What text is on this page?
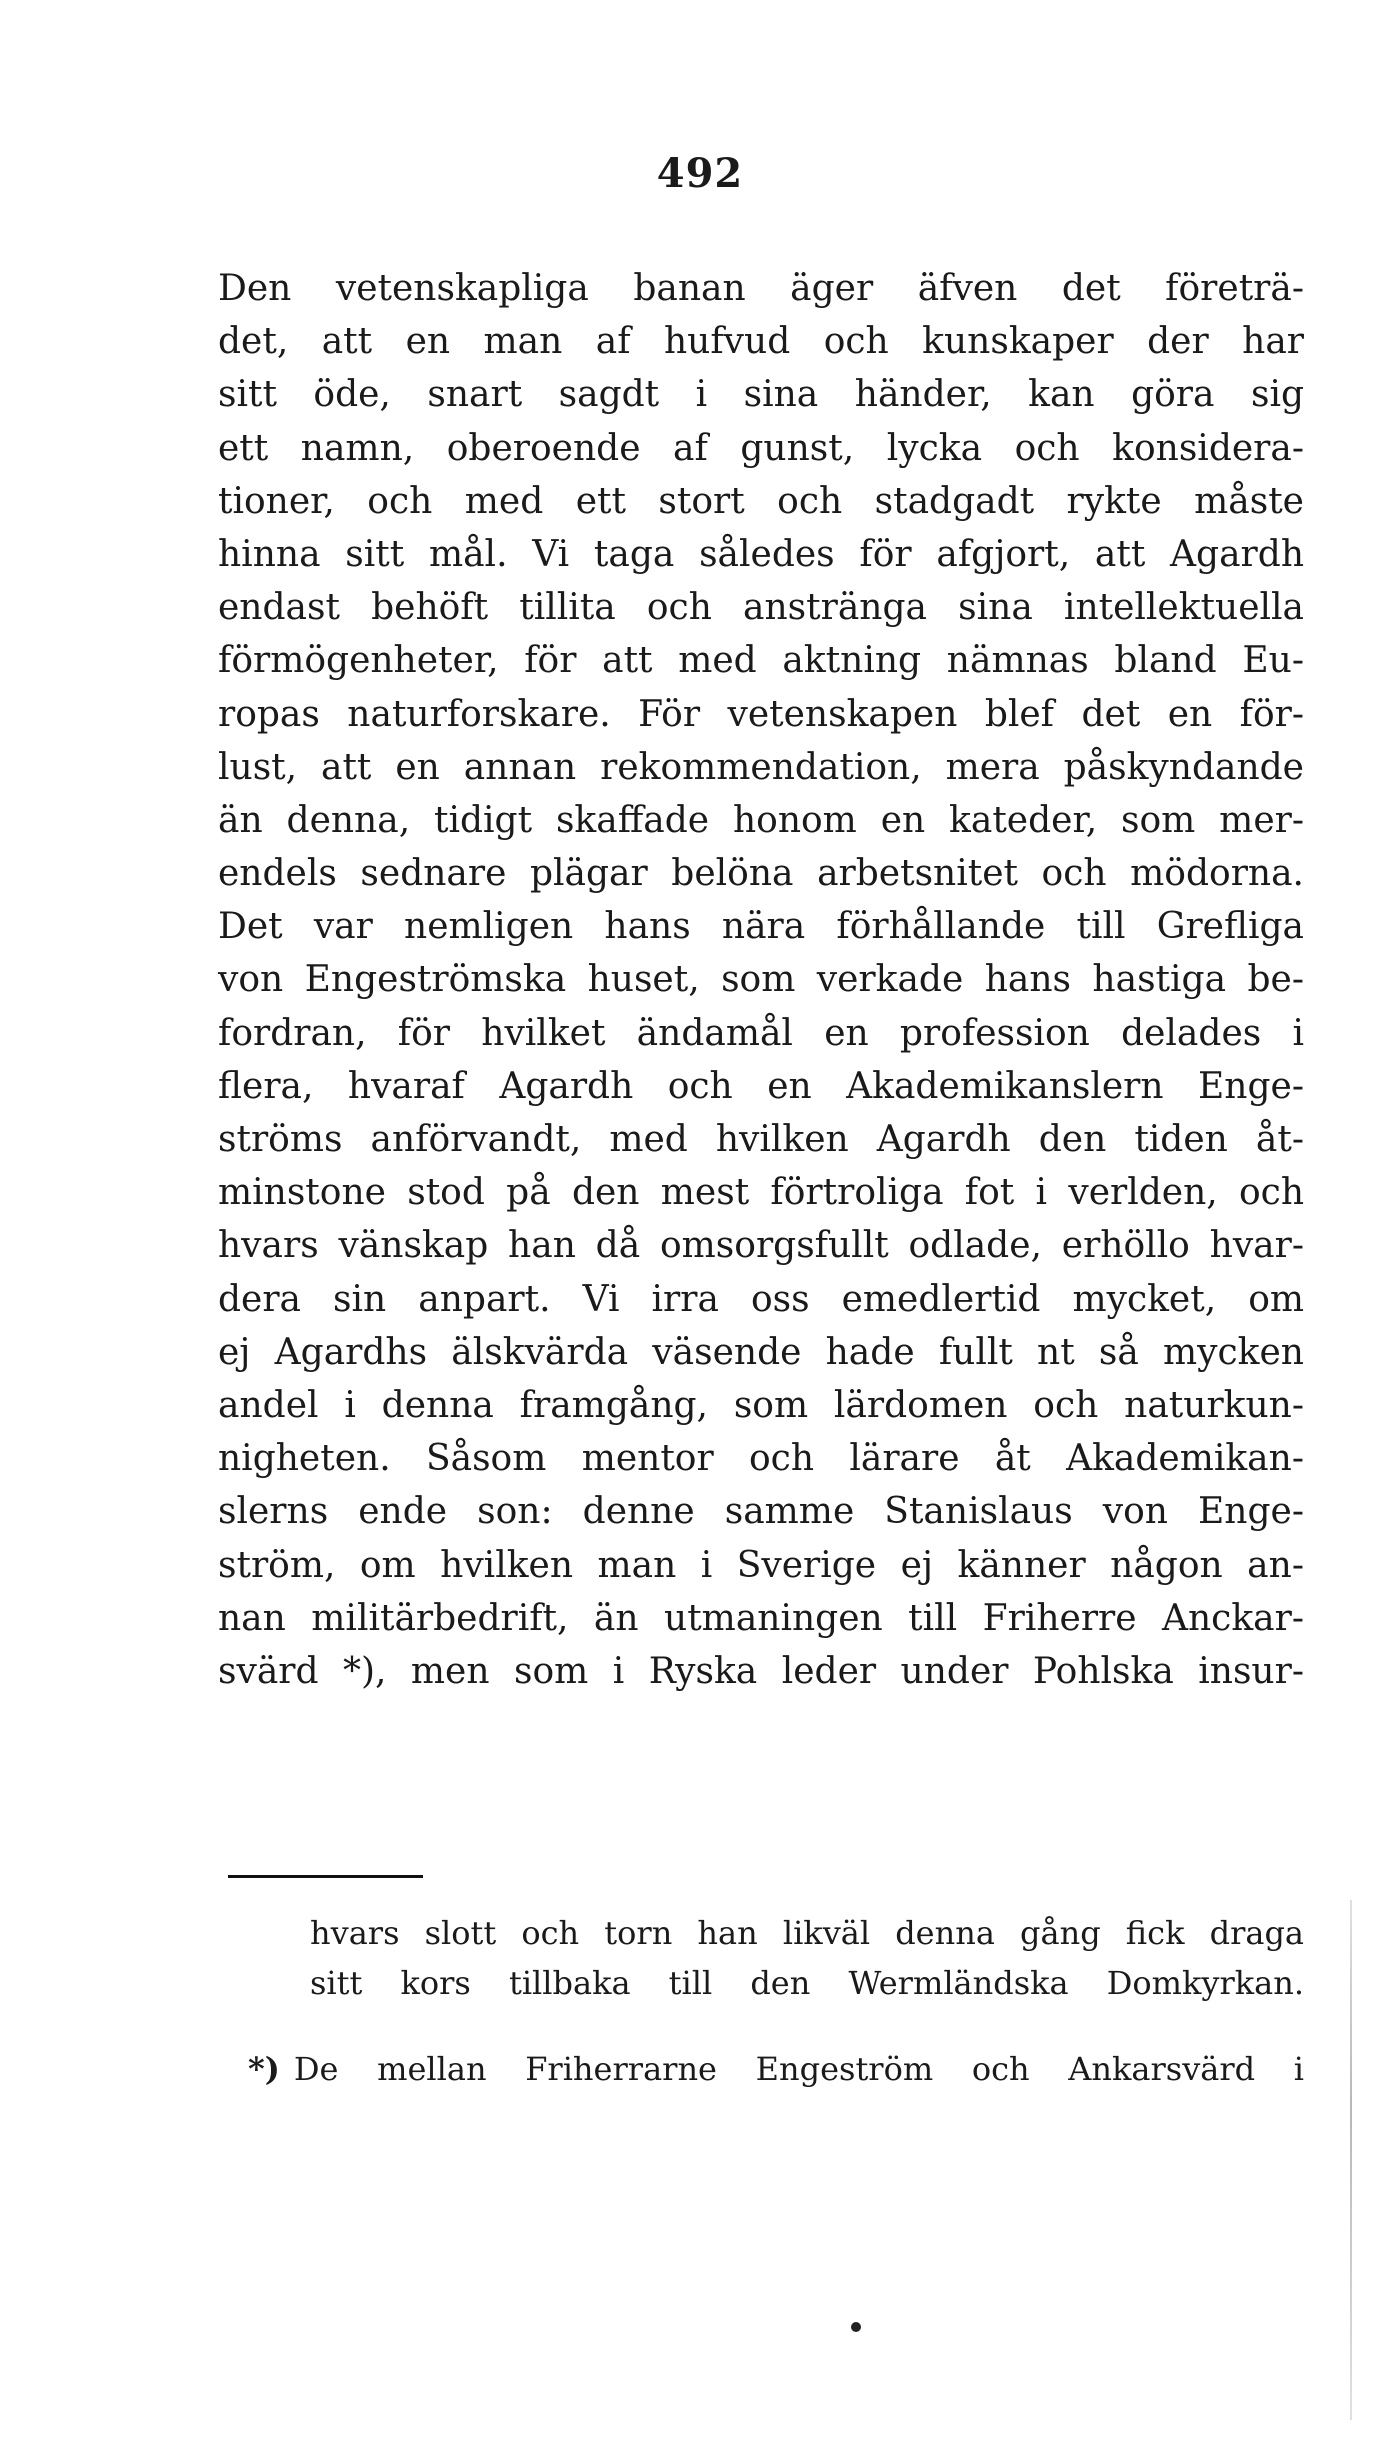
492
Den vetenskapliga banan äger äfven det företrä-
det, att en man af hufvud och kunskaper der har
sitt öde, snart sagdt i sina händer, kan göra sig
ett namn, oberoende af gunst, lycka och konsidera-
tioner, och med ett stort och stadgadt rykte måste
hinna sitt mål. Vi taga således för afgjort, att Agardh
endast behöft tillita och anstränga sina intellektuella
förmögenheter, för att med aktning nämnas bland Eu-
ropas naturforskare. För vetenskapen blef det en för-
lust, att en annan rekommendation, mera påskyndande
än denna, tidigt skaffade honom en kateder, som mer-
endels sednare plägar belöna arbetsnitet och mödorna.
Det var nemligen hans nära förhållande till Grefliga
von Engeströmska huset, som verkade hans hastiga be-
fordran, för hvilket ändamål en profession delades i
flera, hvaraf Agardh och en Akademikanslern Enge-
ströms anförvandt, med hvilken Agardh den tiden åt-
minstone stod på den mest förtroliga fot i verlden, och
hvars vänskap han då omsorgsfullt odlade, erhöllo hvar-
dera sin anpart. Vi irra oss emedlertid mycket, om
ej Agardhs älskvärda väsende hade fullt nt så mycken
andel i denna framgång, som lärdomen och naturkun-
nigheten. Såsom mentor och lärare åt Akademikan-
slerns ende son: denne samme Stanislaus von Enge-
ström, om hvilken man i Sverige ej känner någon an-
nan militärbedrift, än utmaningen till Friherre Anckar-
svärd *), men som i Ryska leder under Pohlska insur-
hvars slott och torn han likväl denna gång fick draga
sitt kors tillbaka till den Wermländska Domkyrkan.
*) De mellan Friherrarne Engeström och Ankarsvärd i
